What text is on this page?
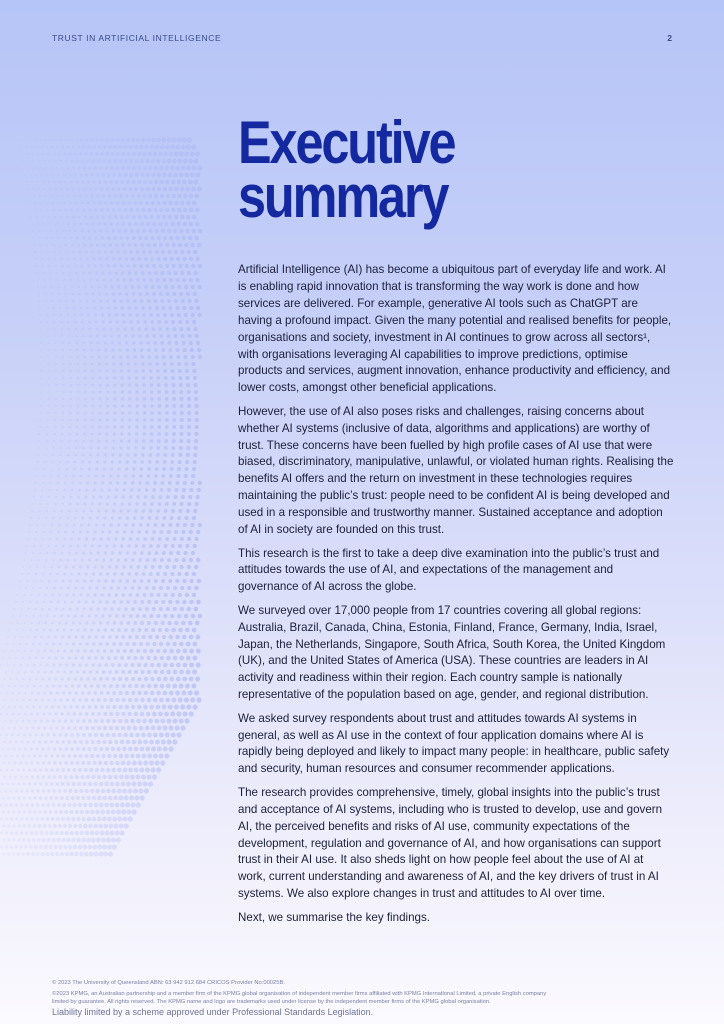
TRUST IN ARTIFICIAL INTELLIGENCE	2
Executive
summary

Artificial Intelligence (AI) has become a ubiquitous part of everyday life and work. AI is enabling rapid innovation that is transforming the way work is done and how services are delivered. For example, generative AI tools such as ChatGPT are having a profound impact. Given the many potential and realised benefits for people, organisations and society, investment in AI continues to grow across all sectors¹, with organisations leveraging AI capabilities to improve predictions, optimise products and services, augment innovation, enhance productivity and efficiency, and lower costs, amongst other beneficial applications.

However, the use of AI also poses risks and challenges, raising concerns about whether AI systems (inclusive of data, algorithms and applications) are worthy of trust. These concerns have been fuelled by high profile cases of AI use that were biased, discriminatory, manipulative, unlawful, or violated human rights. Realising the benefits AI offers and the return on investment in these technologies requires maintaining the public’s trust: people need to be confident AI is being developed and used in a responsible and trustworthy manner. Sustained acceptance and adoption of AI in society are founded on this trust.

This research is the first to take a deep dive examination into the public’s trust and attitudes towards the use of AI, and expectations of the management and governance of AI across the globe.

We surveyed over 17,000 people from 17 countries covering all global regions: Australia, Brazil, Canada, China, Estonia, Finland, France, Germany, India, Israel, Japan, the Netherlands, Singapore, South Africa, South Korea, the United Kingdom (UK), and the United States of America (USA). These countries are leaders in AI activity and readiness within their region. Each country sample is nationally representative of the population based on age, gender, and regional distribution.

We asked survey respondents about trust and attitudes towards AI systems in general, as well as AI use in the context of four application domains where AI is rapidly being deployed and likely to impact many people: in healthcare, public safety and security, human resources and consumer recommender applications.

The research provides comprehensive, timely, global insights into the public’s trust and acceptance of AI systems, including who is trusted to develop, use and govern AI, the perceived benefits and risks of AI use, community expectations of the development, regulation and governance of AI, and how organisations can support trust in their AI use. It also sheds light on how people feel about the use of AI at work, current understanding and awareness of AI, and the key drivers of trust in AI systems. We also explore changes in trust and attitudes to AI over time.

Next, we summarise the key findings.

© 2023 The University of Queensland ABN: 63 942 912 684 CRICOS Provider No:00025B.
©2023 KPMG, an Australian partnership and a member firm of the KPMG global organisation of independent member firms affiliated with KPMG International Limited, a private English company
limited by guarantee. All rights reserved. The KPMG name and logo are trademarks used under license by the independent member firms of the KPMG global organisation.
Liability limited by a scheme approved under Professional Standards Legislation.
